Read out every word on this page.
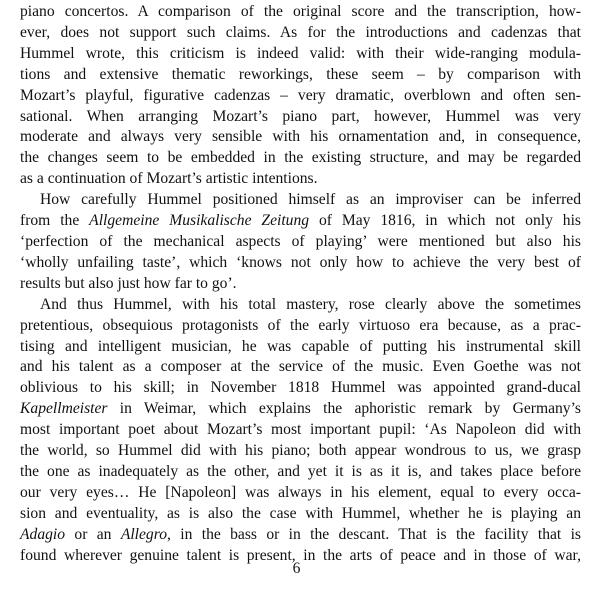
piano concertos. A comparison of the original score and the transcription, how-
ever, does not support such claims. As for the introductions and cadenzas that
Hummel wrote, this criticism is indeed valid: with their wide-ranging modula-
tions and extensive thematic reworkings, these seem – by comparison with
Mozart’s playful, figurative cadenzas – very dramatic, overblown and often sen-
sational. When arranging Mozart’s piano part, however, Hummel was very
moderate and always very sensible with his ornamentation and, in consequence,
the changes seem to be embedded in the existing structure, and may be regarded
as a continuation of Mozart’s artistic intentions.
How carefully Hummel positioned himself as an improviser can be inferred
from the Allgemeine Musikalische Zeitung of May 1816, in which not only his
‘perfection of the mechanical aspects of playing’ were mentioned but also his
‘wholly unfailing taste’, which ‘knows not only how to achieve the very best of
results but also just how far to go’.
And thus Hummel, with his total mastery, rose clearly above the sometimes
pretentious, obsequious protagonists of the early virtuoso era because, as a prac-
tising and intelligent musician, he was capable of putting his instrumental skill
and his talent as a composer at the service of the music. Even Goethe was not
oblivious to his skill; in November 1818 Hummel was appointed grand-ducal
Kapellmeister in Weimar, which explains the aphoristic remark by Germany’s
most important poet about Mozart’s most important pupil: ‘As Napoleon did with
the world, so Hummel did with his piano; both appear wondrous to us, we grasp
the one as inadequately as the other, and yet it is as it is, and takes place before
our very eyes… He [Napoleon] was always in his element, equal to every occa-
sion and eventuality, as is also the case with Hummel, whether he is playing an
Adagio or an Allegro, in the bass or in the descant. That is the facility that is
found wherever genuine talent is present, in the arts of peace and in those of war,
6
